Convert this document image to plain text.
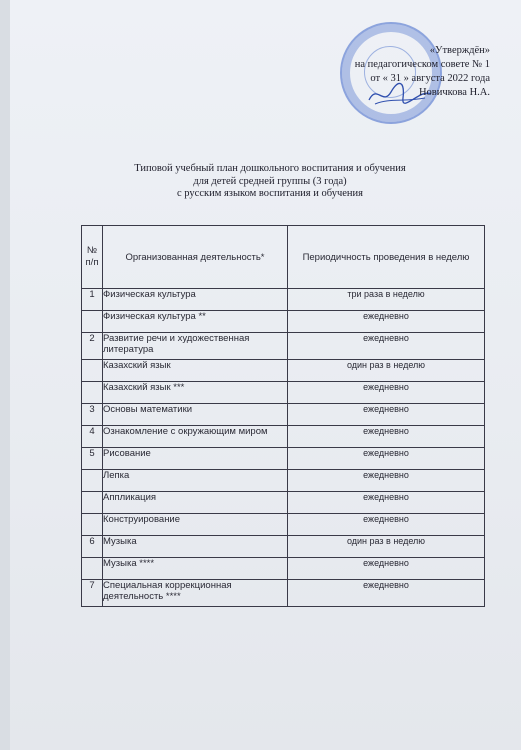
«Утверждён»
на педагогическом совете № 1
от « 31 » августа 2022 года
Новичкова Н.А.
Типовой учебный план дошкольного воспитания и обучения
для детей средней группы (3 года)
с русским языком воспитания и обучения
№ п/п	Организованная деятельность*	Периодичность проведения в неделю
1	Физическая культура	три раза в неделю
	Физическая культура **	ежедневно
2	Развитие речи и художественная литература	ежедневно
	Казахский язык	один раз в неделю
	Казахский язык ***	ежедневно
3	Основы математики	ежедневно
4	Ознакомление с окружающим миром	ежедневно
5	Рисование	ежедневно
	Лепка	ежедневно
	Аппликация	ежедневно
	Конструирование	ежедневно
6	Музыка	один раз в неделю
	Музыка ****	ежедневно
7	Специальная коррекционная деятельность ****	ежедневно
